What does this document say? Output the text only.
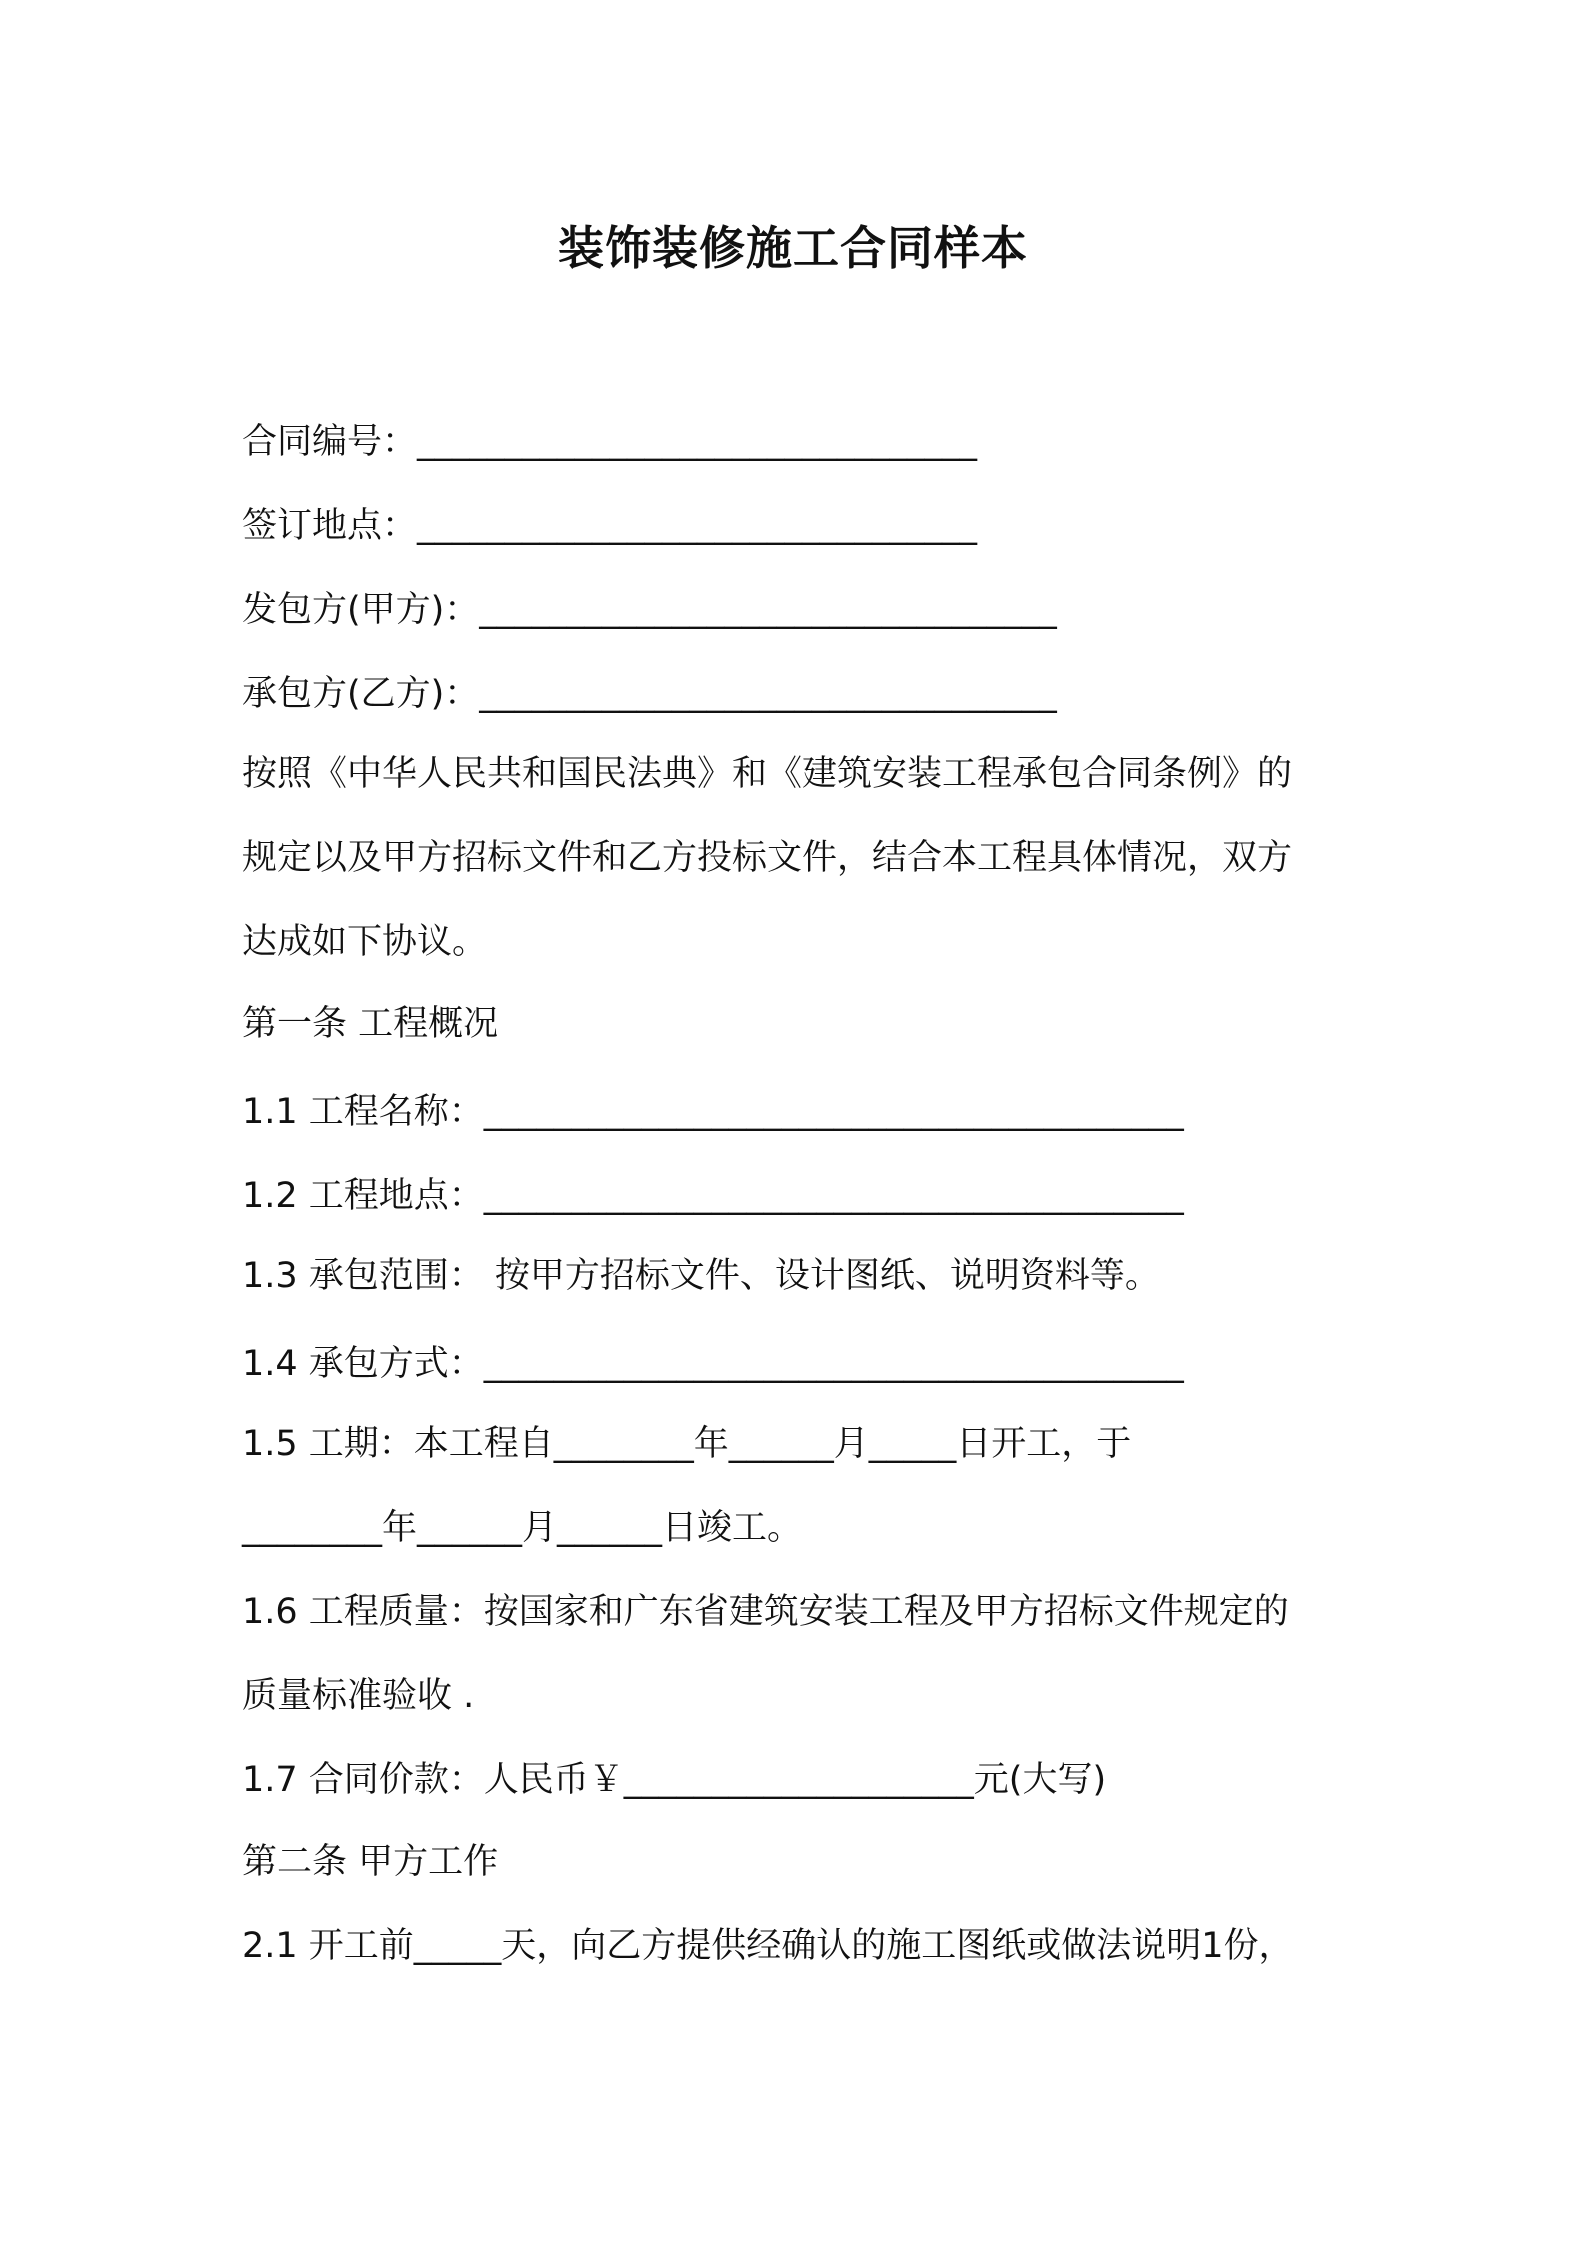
装饰装修施工合同样本
合同编号：________________________________
签订地点：________________________________
发包方(甲方)：_________________________________
承包方(乙方)：_________________________________
按照《中华人民共和国民法典》和《建筑安装工程承包合同条例》的
规定以及甲方招标文件和乙方投标文件，结合本工程具体情况，双方
达成如下协议。
第一条 工程概况
1.1 工程名称：________________________________________
1.2 工程地点：________________________________________
1.3 承包范围： 按甲方招标文件、设计图纸、说明资料等。
1.4 承包方式：________________________________________
1.5 工期：本工程自________年______月_____日开工，于
________年______月______日竣工。
1.6 工程质量：按国家和广东省建筑安装工程及甲方招标文件规定的
质量标准验收 .
1.7 合同价款：人民币￥____________________元(大写)
第二条 甲方工作
2.1 开工前_____天，向乙方提供经确认的施工图纸或做法说明1份，
